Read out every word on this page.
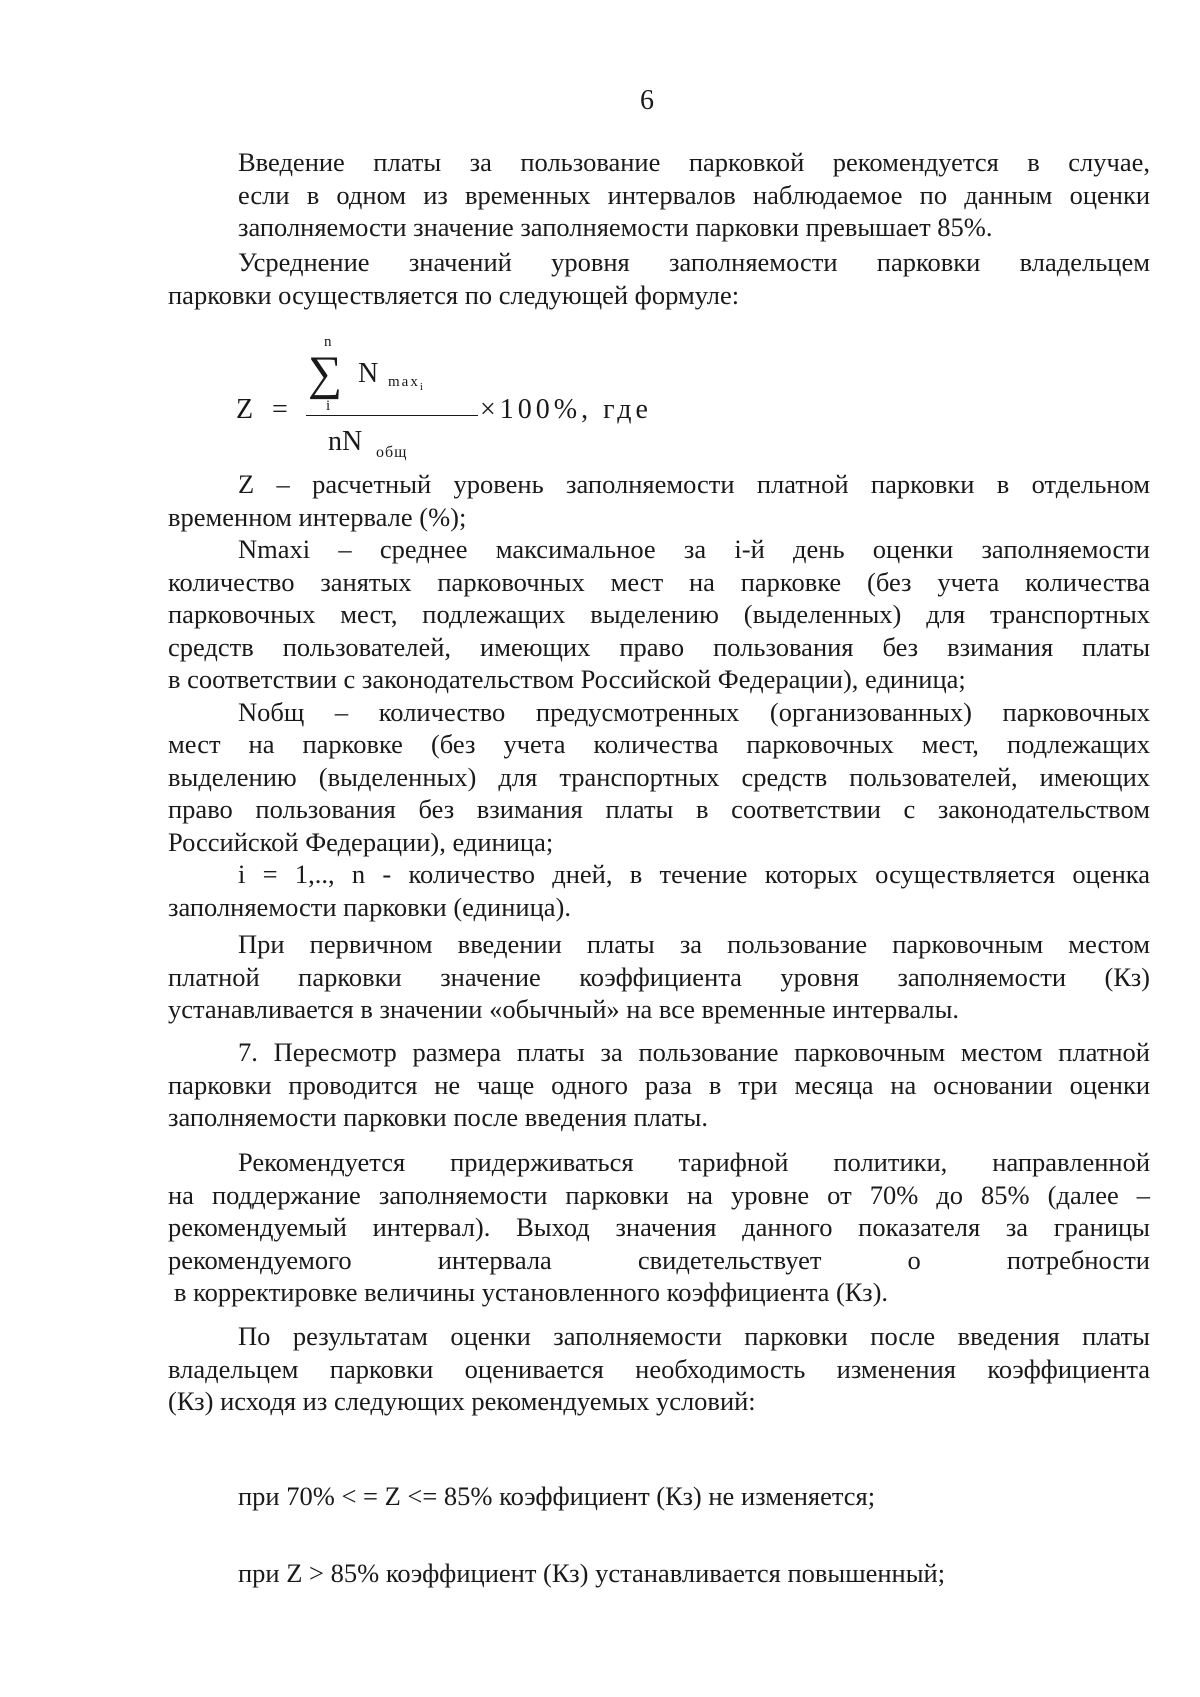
6

Введение платы за пользование парковкой рекомендуется в случае,
если в одном из временных интервалов наблюдаемое по данным оценки
заполняемости значение заполняемости парковки превышает 85%.

Усреднение значений уровня заполняемости парковки владельцем
парковки осуществляется по следующей формуле:
Z =
∑
n
i
N $\max_i$
×100%, где
nN общ
Z – расчетный уровень заполняемости платной парковки в отдельном
временном интервале (%);
Nmaxi – среднее максимальное за i-й день оценки заполняемости
количество занятых парковочных мест на парковке (без учета количества
парковочных мест, подлежащих выделению (выделенных) для транспортных
средств пользователей, имеющих право пользования без взимания платы
в соответствии с законодательством Российской Федерации), единица;
Nобщ – количество предусмотренных (организованных) парковочных
мест на парковке (без учета количества парковочных мест, подлежащих
выделению (выделенных) для транспортных средств пользователей, имеющих
право пользования без взимания платы в соответствии с законодательством
Российской Федерации), единица;
i = 1,.., n - количество дней, в течение которых осуществляется оценка
заполняемости парковки (единица).
При первичном введении платы за пользование парковочным местом
платной парковки значение коэффициента уровня заполняемости (Кз)
устанавливается в значении «обычный» на все временные интервалы.
7. Пересмотр размера платы за пользование парковочным местом платной
парковки проводится не чаще одного раза в три месяца на основании оценки
заполняемости парковки после введения платы.
Рекомендуется придерживаться тарифной политики, направленной
на поддержание заполняемости парковки на уровне от 70% до 85% (далее –
рекомендуемый интервал). Выход значения данного показателя за границы
рекомендуемого интервала свидетельствует о потребности
в корректировке величины установленного коэффициента (Кз).
По результатам оценки заполняемости парковки после введения платы
владельцем парковки оценивается необходимость изменения коэффициента
(Кз) исходя из следующих рекомендуемых условий:
при 70% < = Z <= 85% коэффициент (Кз) не изменяется;
при Z > 85% коэффициент (Кз) устанавливается повышенный;
